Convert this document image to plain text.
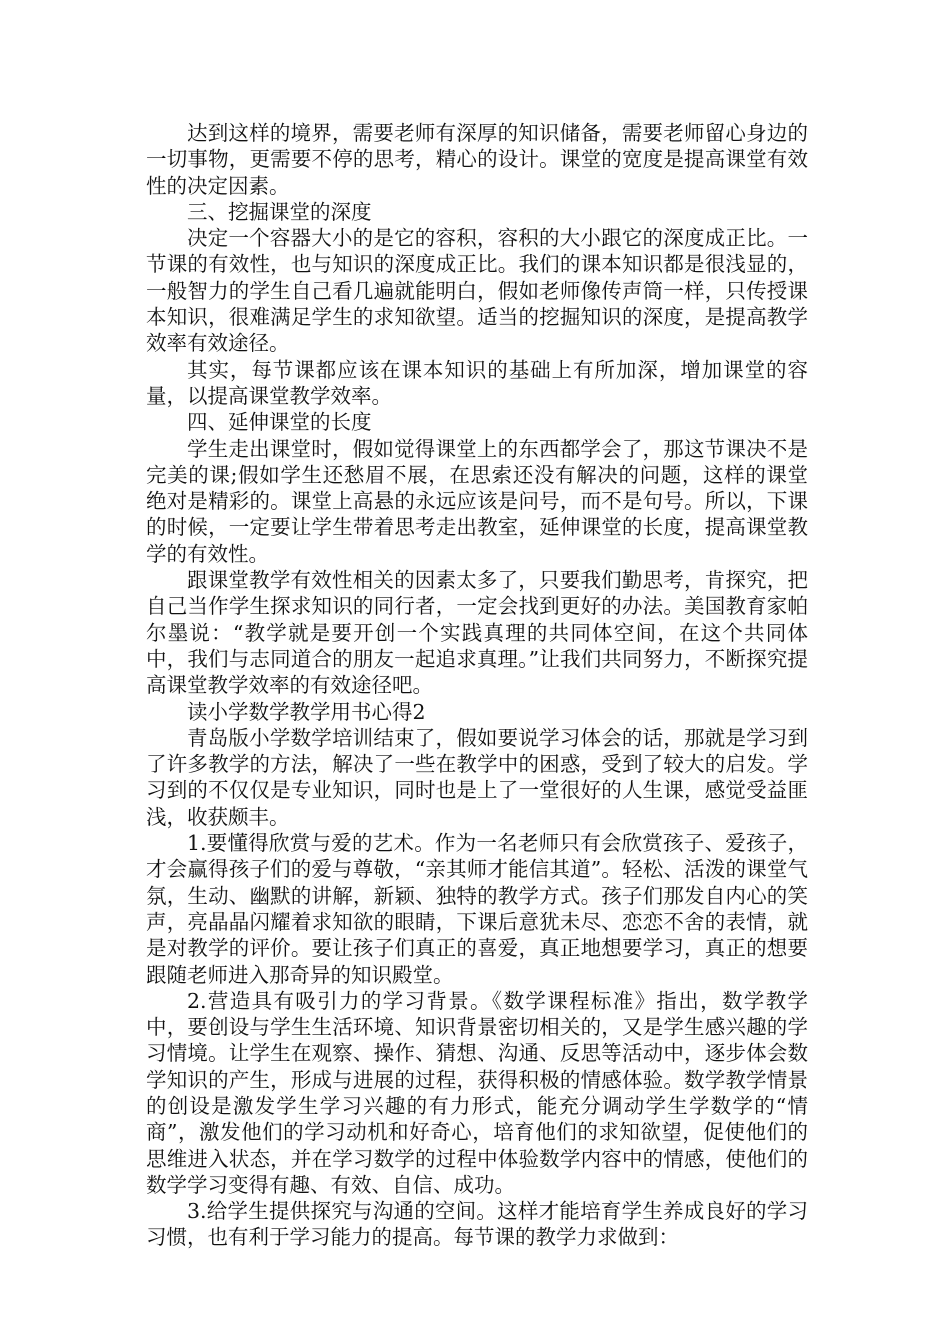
达到这样的境界，需要老师有深厚的知识储备，需要老师留心身边的一切事物，更需要不停的思考，精心的设计。课堂的宽度是提高课堂有效性的决定因素。

三、挖掘课堂的深度

决定一个容器大小的是它的容积，容积的大小跟它的深度成正比。一节课的有效性，也与知识的深度成正比。我们的课本知识都是很浅显的，一般智力的学生自己看几遍就能明白，假如老师像传声筒一样，只传授课本知识，很难满足学生的求知欲望。适当的挖掘知识的深度，是提高教学效率有效途径。

其实，每节课都应该在课本知识的基础上有所加深，增加课堂的容量，以提高课堂教学效率。

四、延伸课堂的长度

学生走出课堂时，假如觉得课堂上的东西都学会了，那这节课决不是完美的课;假如学生还愁眉不展，在思索还没有解决的问题，这样的课堂绝对是精彩的。课堂上高悬的永远应该是问号，而不是句号。所以，下课的时候，一定要让学生带着思考走出教室，延伸课堂的长度，提高课堂教学的有效性。

跟课堂教学有效性相关的因素太多了，只要我们勤思考，肯探究，把自己当作学生探求知识的同行者，一定会找到更好的办法。美国教育家帕尔墨说：“教学就是要开创一个实践真理的共同体空间，在这个共同体中，我们与志同道合的朋友一起追求真理。”让我们共同努力，不断探究提高课堂教学效率的有效途径吧。

读小学数学教学用书心得2

青岛版小学数学培训结束了，假如要说学习体会的话，那就是学习到了许多教学的方法，解决了一些在教学中的困惑，受到了较大的启发。学习到的不仅仅是专业知识，同时也是上了一堂很好的人生课，感觉受益匪浅，收获颇丰。

1.要懂得欣赏与爱的艺术。作为一名老师只有会欣赏孩子、爱孩子，才会赢得孩子们的爱与尊敬，“亲其师才能信其道”。轻松、活泼的课堂气氛，生动、幽默的讲解，新颖、独特的教学方式。孩子们那发自内心的笑声，亮晶晶闪耀着求知欲的眼睛，下课后意犹未尽、恋恋不舍的表情，就是对教学的评价。要让孩子们真正的喜爱，真正地想要学习，真正的想要跟随老师进入那奇异的知识殿堂。

2.营造具有吸引力的学习背景。《数学课程标准》指出，数学教学中，要创设与学生生活环境、知识背景密切相关的，又是学生感兴趣的学习情境。让学生在观察、操作、猜想、沟通、反思等活动中，逐步体会数学知识的产生，形成与进展的过程，获得积极的情感体验。数学教学情景的创设是激发学生学习兴趣的有力形式，能充分调动学生学数学的“情商”，激发他们的学习动机和好奇心，培育他们的求知欲望，促使他们的思维进入状态，并在学习数学的过程中体验数学内容中的情感，使他们的数学学习变得有趣、有效、自信、成功。

3.给学生提供探究与沟通的空间。这样才能培育学生养成良好的学习习惯，也有利于学习能力的提高。每节课的教学力求做到：
